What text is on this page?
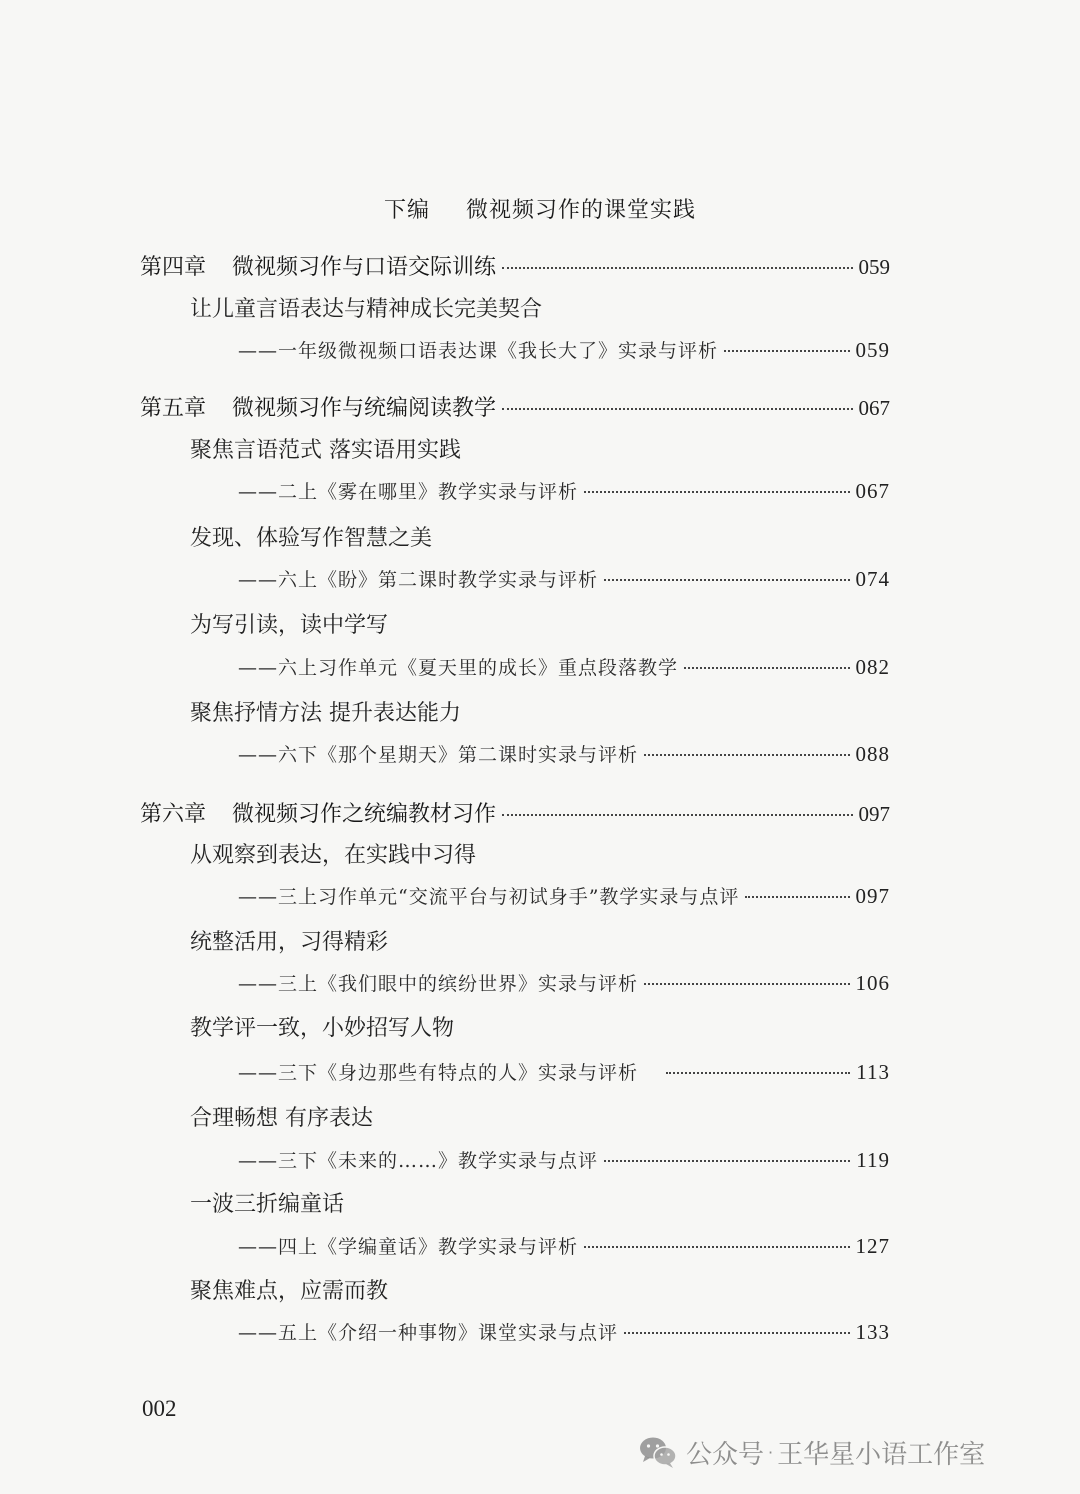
下编 微视频习作的课堂实践
第四章 微视频习作与口语交际训练	059
让儿童言语表达与精神成长完美契合
——一年级微视频口语表达课《我长大了》实录与评析	059
第五章 微视频习作与统编阅读教学	067
聚焦言语范式 落实语用实践
——二上《雾在哪里》教学实录与评析	067
发现、体验写作智慧之美
——六上《盼》第二课时教学实录与评析	074
为写引读，读中学写
——六上习作单元《夏天里的成长》重点段落教学	082
聚焦抒情方法 提升表达能力
——六下《那个星期天》第二课时实录与评析	088
第六章 微视频习作之统编教材习作	097
从观察到表达，在实践中习得
——三上习作单元“交流平台与初试身手”教学实录与点评	097
统整活用，习得精彩
——三上《我们眼中的缤纷世界》实录与评析	106
教学评一致，小妙招写人物
——三下《身边那些有特点的人》实录与评析	113
合理畅想 有序表达
——三下《未来的……》教学实录与点评	119
一波三折编童话
——四上《学编童话》教学实录与评析	127
聚焦难点，应需而教
——五上《介绍一种事物》课堂实录与点评	133
002
公众号 · 王华星小语工作室
